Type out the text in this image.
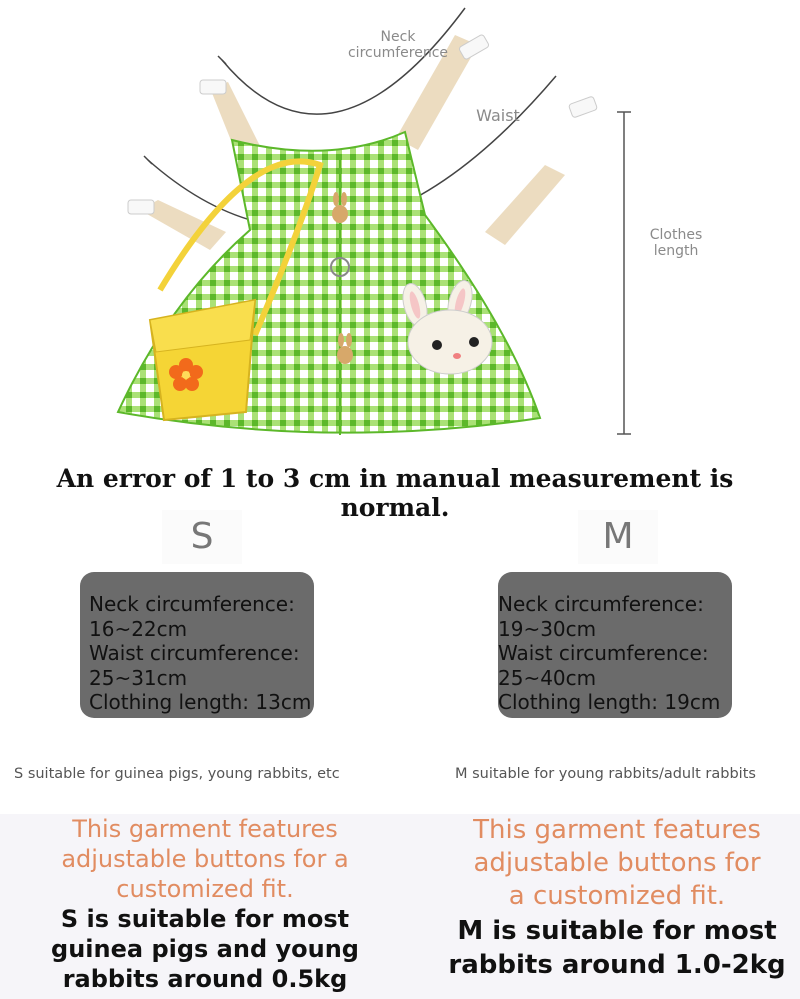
Neck
circumference
Waist
Clothes
length
An error of 1 to 3 cm in manual measurement is normal.
S
Neck circumference:
16~22cm
Waist circumference:
25~31cm
Clothing length: 13cm
S suitable for guinea pigs, young rabbits, etc
M
Neck circumference:
19~30cm
Waist circumference:
25~40cm
Clothing length: 19cm
M suitable for young rabbits/adult rabbits
This garment features
adjustable buttons for a
customized fit.
S is suitable for most
guinea pigs and young
rabbits around 0.5kg
This garment features
adjustable buttons for
a customized fit.
M is suitable for most
rabbits around 1.0-2kg
